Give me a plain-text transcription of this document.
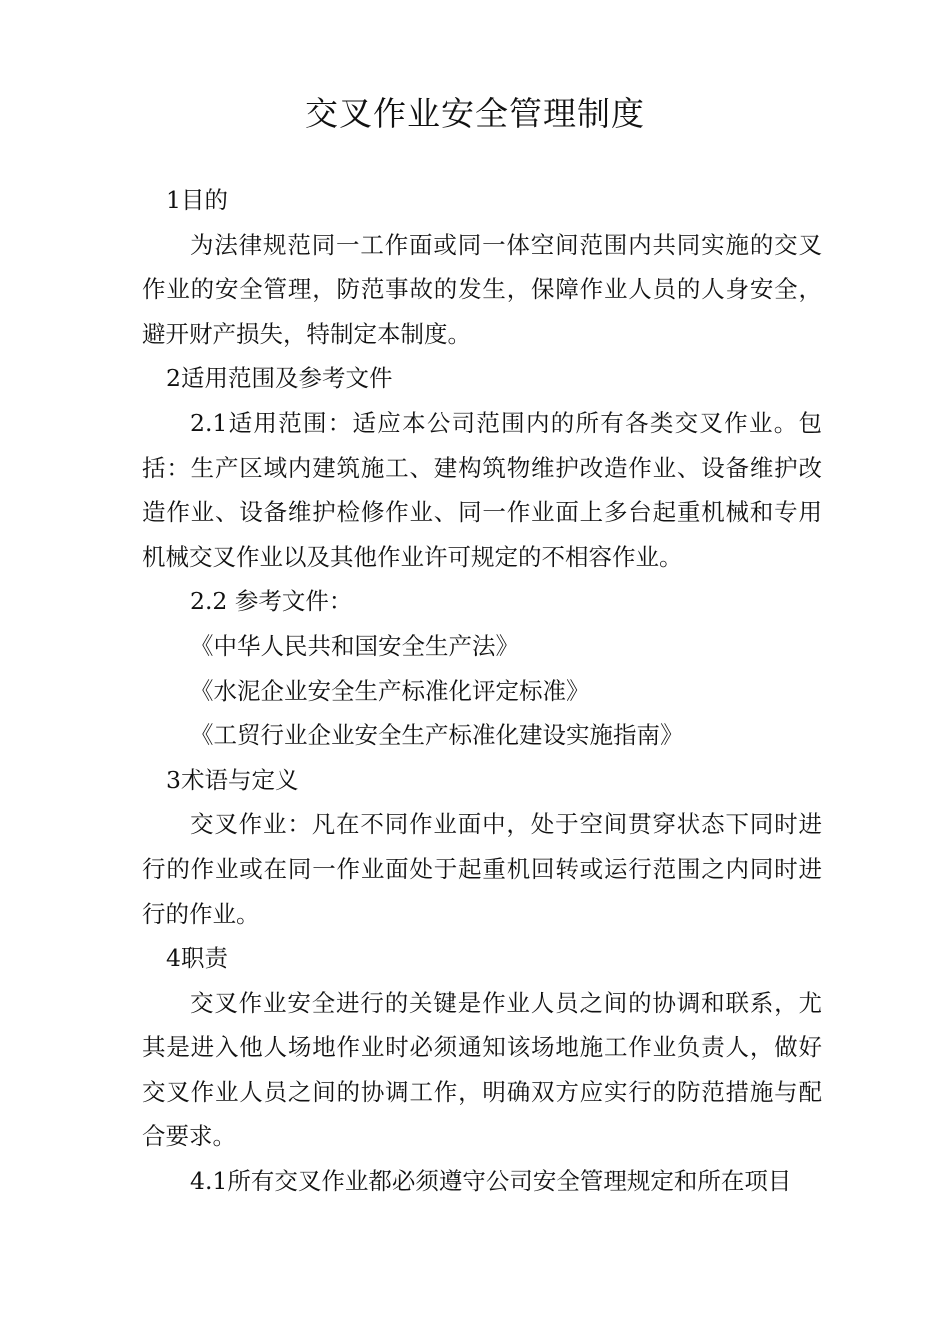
交叉作业安全管理制度

1目的

为法律规范同一工作面或同一体空间范围内共同实施的交叉作业的安全管理，防范事故的发生，保障作业人员的人身安全，避开财产损失，特制定本制度。

2适用范围及参考文件

2.1适用范围：适应本公司范围内的所有各类交叉作业。包括：生产区域内建筑施工、建构筑物维护改造作业、设备维护改造作业、设备维护检修作业、同一作业面上多台起重机械和专用机械交叉作业以及其他作业许可规定的不相容作业。

2.2 参考文件：

《中华人民共和国安全生产法》

《水泥企业安全生产标准化评定标准》

《工贸行业企业安全生产标准化建设实施指南》

3术语与定义

交叉作业：凡在不同作业面中，处于空间贯穿状态下同时进行的作业或在同一作业面处于起重机回转或运行范围之内同时进行的作业。

4职责

交叉作业安全进行的关键是作业人员之间的协调和联系，尤其是进入他人场地作业时必须通知该场地施工作业负责人，做好交叉作业人员之间的协调工作，明确双方应实行的防范措施与配合要求。

4.1所有交叉作业都必须遵守公司安全管理规定和所在项目
